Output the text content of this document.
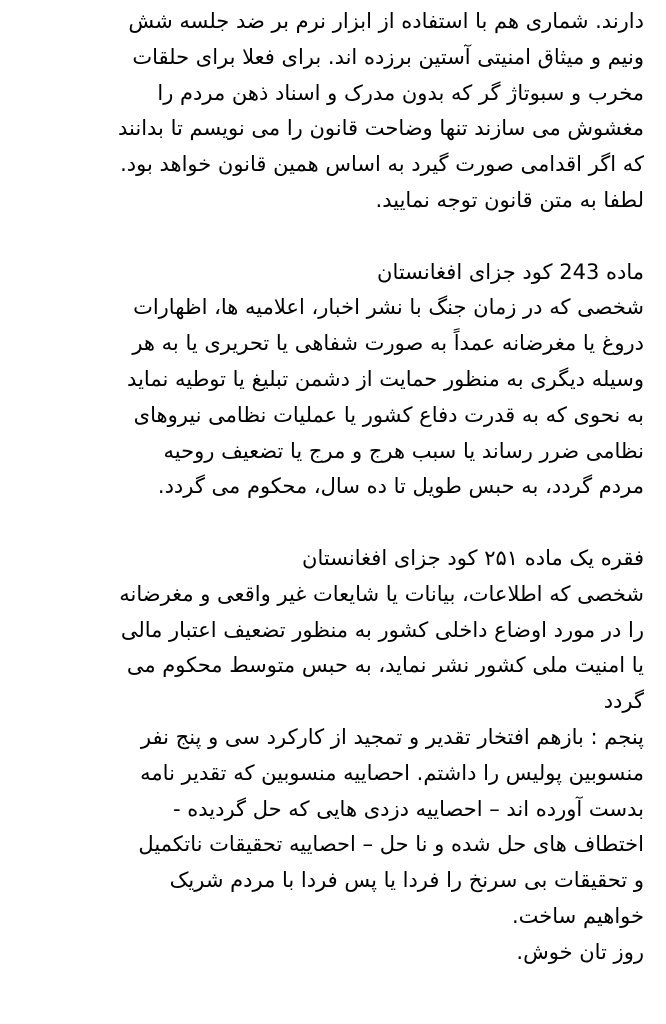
دارند. شماری هم با استفاده از ابزار نرم بر ضد جلسه شش

ونیم و میثاق امنیتی آستین برزده اند. برای فعلا برای حلقات

مخرب و سبوتاژ گر که بدون مدرک و اسناد ذهن مردم را

مغشوش می سازند تنها وضاحت قانون را می نویسم تا بدانند

که اگر اقدامی صورت گیرد به اساس همین قانون خواهد بود.

لطفا به متن قانون توجه نمایید.

ماده 243 کود جزای افغانستان

شخصی که در زمان جنگ با نشر اخبار، اعلامیه ها، اظهارات

دروغ یا مغرضانه عمداً به صورت شفاهی یا تحریری یا به هر

وسیله دیگری به منظور حمایت از دشمن تبلیغ یا توطیه نماید

به نحوی که به قدرت دفاع کشور یا عملیات نظامی نیروهای

نظامی ضرر رساند یا سبب هرج و مرج یا تضعیف روحیه

مردم گردد، به حبس طویل تا ده سال، محکوم می گردد.

فقره یک ماده ۲۵۱ کود جزای افغانستان

شخصی که اطلاعات، بیانات یا شایعات غیر واقعی و مغرضانه

را در مورد اوضاع داخلی کشور به منظور تضعیف اعتبار مالی

یا امنیت ملی کشور نشر نماید، به حبس متوسط محکوم می

گردد

پنجم : بازهم افتخار تقدیر و تمجید از کارکرد سی و پنج نفر

منسوبین پولیس را داشتم. احصاییه منسوبین که تقدیر نامه

بدست آورده اند – احصاییه دزدی هایی که حل گردیده -

اختطاف های حل شده و نا حل – احصاییه تحقیقات ناتکمیل

و تحقیقات بی سرنخ را فردا یا پس فردا با مردم شریک

خواهیم ساخت.

روز تان خوش.
